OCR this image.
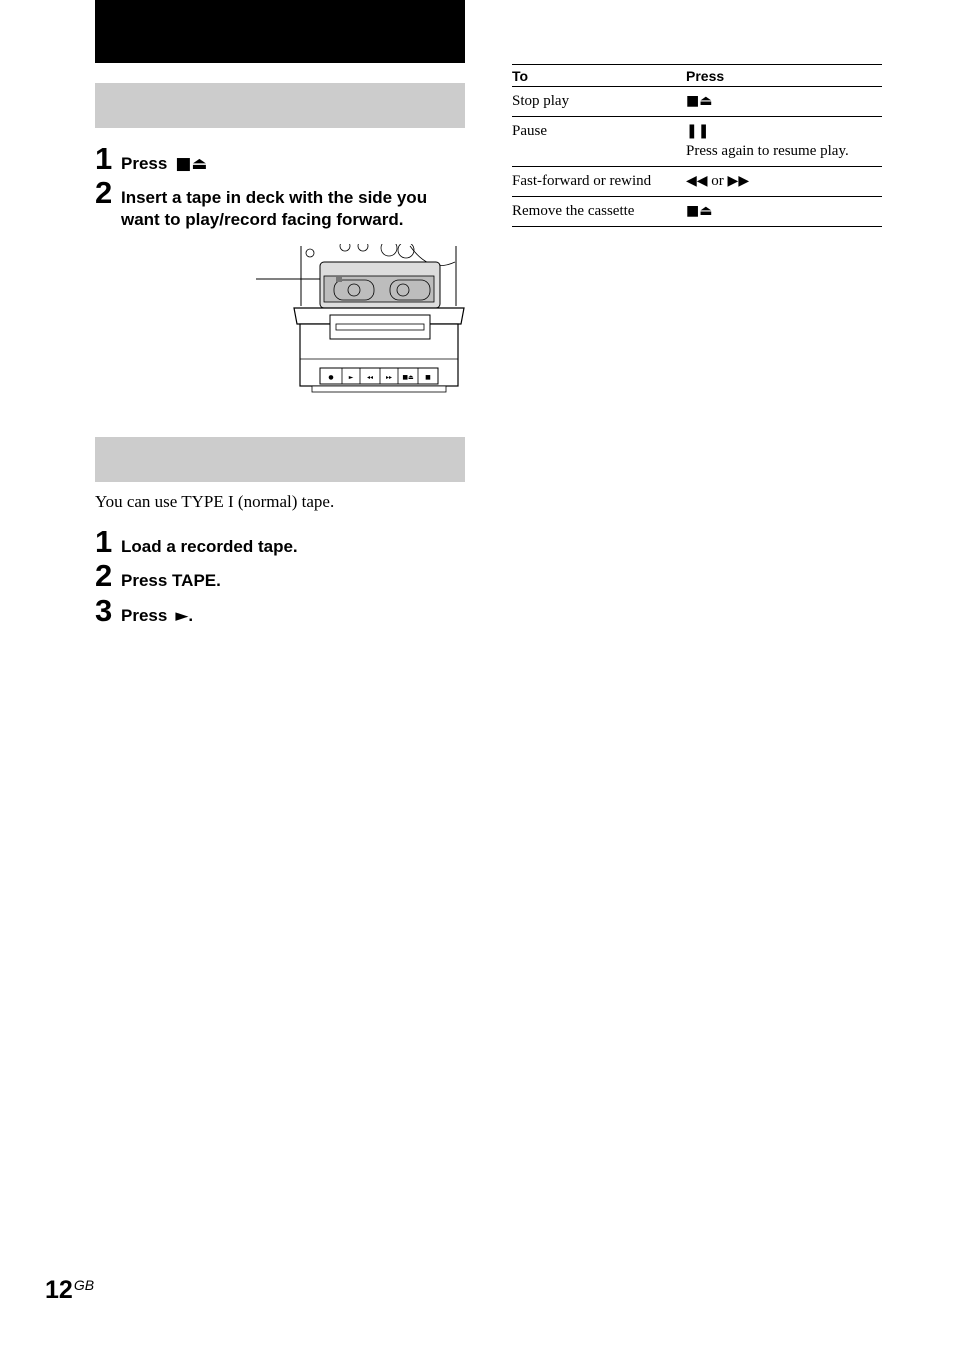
1 Press ■⏏
2 Insert a tape in deck with the side you
want to play/record facing forward.
●	► ◂◂ ▸▸ ■⏏ ■
You can use TYPE I (normal) tape.
1 Load a recorded tape.
2 Press TAPE.
3 Press ►.
To	Press
Stop play	■⏏
Pause	❚❚
Press again to resume play.
Fast-forward or rewind	◀◀ or ▶▶
Remove the cassette	■⏏
$12^{GB}$
